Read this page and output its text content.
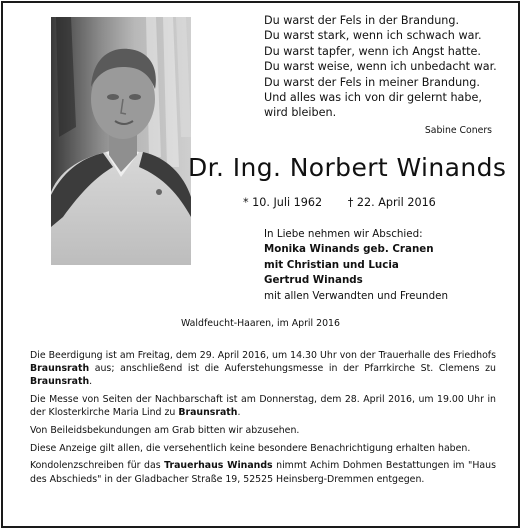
Du warst der Fels in der Brandung.
Du warst stark, wenn ich schwach war.
Du warst tapfer, wenn ich Angst hatte.
Du warst weise, wenn ich unbedacht war.
Du warst der Fels in meiner Brandung.
Und alles was ich von dir gelernt habe,
wird bleiben.
Sabine Coners
Dr. Ing. Norbert Winands
* 10. Juli 1962 † 22. April 2016
In Liebe nehmen wir Abschied:
Monika Winands geb. Cranen
mit Christian und Lucia
Gertrud Winands
mit allen Verwandten und Freunden
Waldfeucht-Haaren, im April 2016

Die Beerdigung ist am Freitag, dem 29. April 2016, um 14.30 Uhr von der Trauerhalle des Friedhofs Braunsrath aus; anschließend ist die Auferstehungsmesse in der Pfarrkirche St. Clemens zu Braunsrath.

Die Messe von Seiten der Nachbarschaft ist am Donnerstag, dem 28. April 2016, um 19.00 Uhr in der Klosterkirche Maria Lind zu Braunsrath.

Von Beileidsbekundungen am Grab bitten wir abzusehen.

Diese Anzeige gilt allen, die versehentlich keine besondere Benachrichtigung erhalten haben.

Kondolenzschreiben für das Trauerhaus Winands nimmt Achim Dohmen Bestattungen im "Haus des Abschieds" in der Gladbacher Straße 19, 52525 Heinsberg-Dremmen entgegen.
